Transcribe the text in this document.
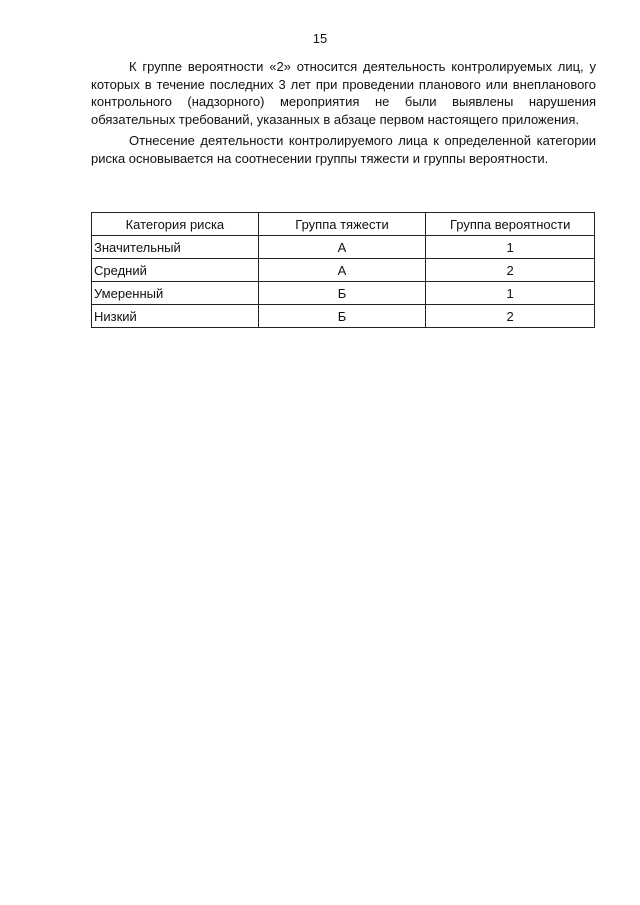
15

К группе вероятности «2» относится деятельность контролируемых лиц, у которых в течение последних 3 лет при проведении планового или внепланового контрольного (надзорного) мероприятия не были выявлены нарушения обязательных требований, указанных в абзаце первом настоящего приложения.

Отнесение деятельности контролируемого лица к определенной категории риска основывается на соотнесении группы тяжести и группы вероятности.

Категория риска	Группа тяжести	Группа вероятности
Значительный	А	1
Средний	А	2
Умеренный	Б	1
Низкий	Б	2
